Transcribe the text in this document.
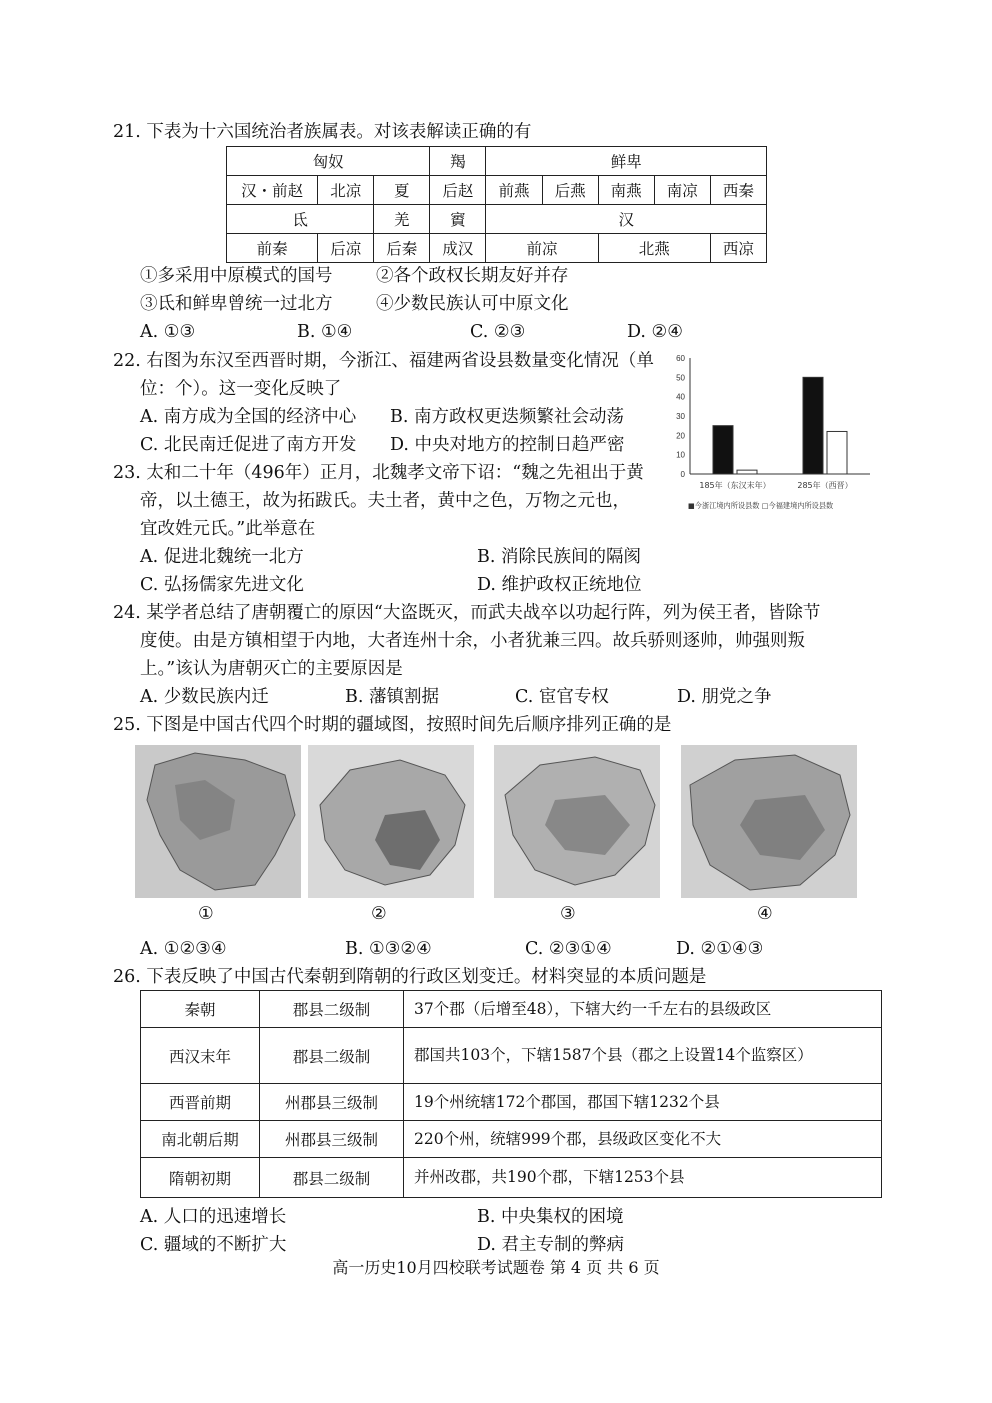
21. 下表为十六国统治者族属表。对该表解读正确的有
匈奴			羯	鲜卑				
汉・前赵	北凉	夏	后赵	前燕	后燕	南燕	南凉	西秦
氐		羌	賨	汉				
前秦	后凉	后秦	成汉	前凉		北燕		西凉
①多采用中原模式的国号 ②各个政权长期友好并存
③氐和鲜卑曾统一过北方 ④少数民族认可中原文化
A. ①③	B. ①④	C. ②③	D. ②④
22. 右图为东汉至西晋时期，今浙江、福建两省设县数量变化情况（单
位：个）。这一变化反映了
A. 南方成为全国的经济中心 B. 南方政权更迭频繁社会动荡
C. 北民南迁促进了南方开发 D. 中央对地方的控制日趋严密
0
10
20
30
40
50
60
185年（东汉末年）	285年（西晋）
■今浙江境内所设县数 □今福建境内所设县数
23. 太和二十年（496年）正月，北魏孝文帝下诏：“魏之先祖出于黄
帝，以土德王，故为拓跋氏。夫土者，黄中之色，万物之元也，
宜改姓元氏。”此举意在
A. 促进北魏统一北方	B. 消除民族间的隔阂
C. 弘扬儒家先进文化	D. 维护政权正统地位
24. 某学者总结了唐朝覆亡的原因“大盗既灭，而武夫战卒以功起行阵，列为侯王者，皆除节
度使。由是方镇相望于内地，大者连州十余，小者犹兼三四。故兵骄则逐帅，帅强则叛
上。”该认为唐朝灭亡的主要原因是
A. 少数民族内迁	B. 藩镇割据	C. 宦官专权	D. 朋党之争
25. 下图是中国古代四个时期的疆域图，按照时间先后顺序排列正确的是
①	②	③	④
A. ①②③④	B. ①③②④	C. ②③①④	D. ②①④③
26. 下表反映了中国古代秦朝到隋朝的行政区划变迁。材料突显的本质问题是
秦朝	郡县二级制	37个郡（后增至48），下辖大约一千左右的县级政区
西汉末年	郡县二级制	郡国共103个，下辖1587个县（郡之上设置14个监察区）
西晋前期	州郡县三级制	19个州统辖172个郡国，郡国下辖1232个县
南北朝后期	州郡县三级制	220个州，统辖999个郡，县级政区变化不大
隋朝初期	郡县二级制	并州改郡，共190个郡，下辖1253个县
A. 人口的迅速增长	B. 中央集权的困境
C. 疆域的不断扩大	D. 君主专制的弊病
高一历史10月四校联考试题卷 第 4 页 共 6 页
